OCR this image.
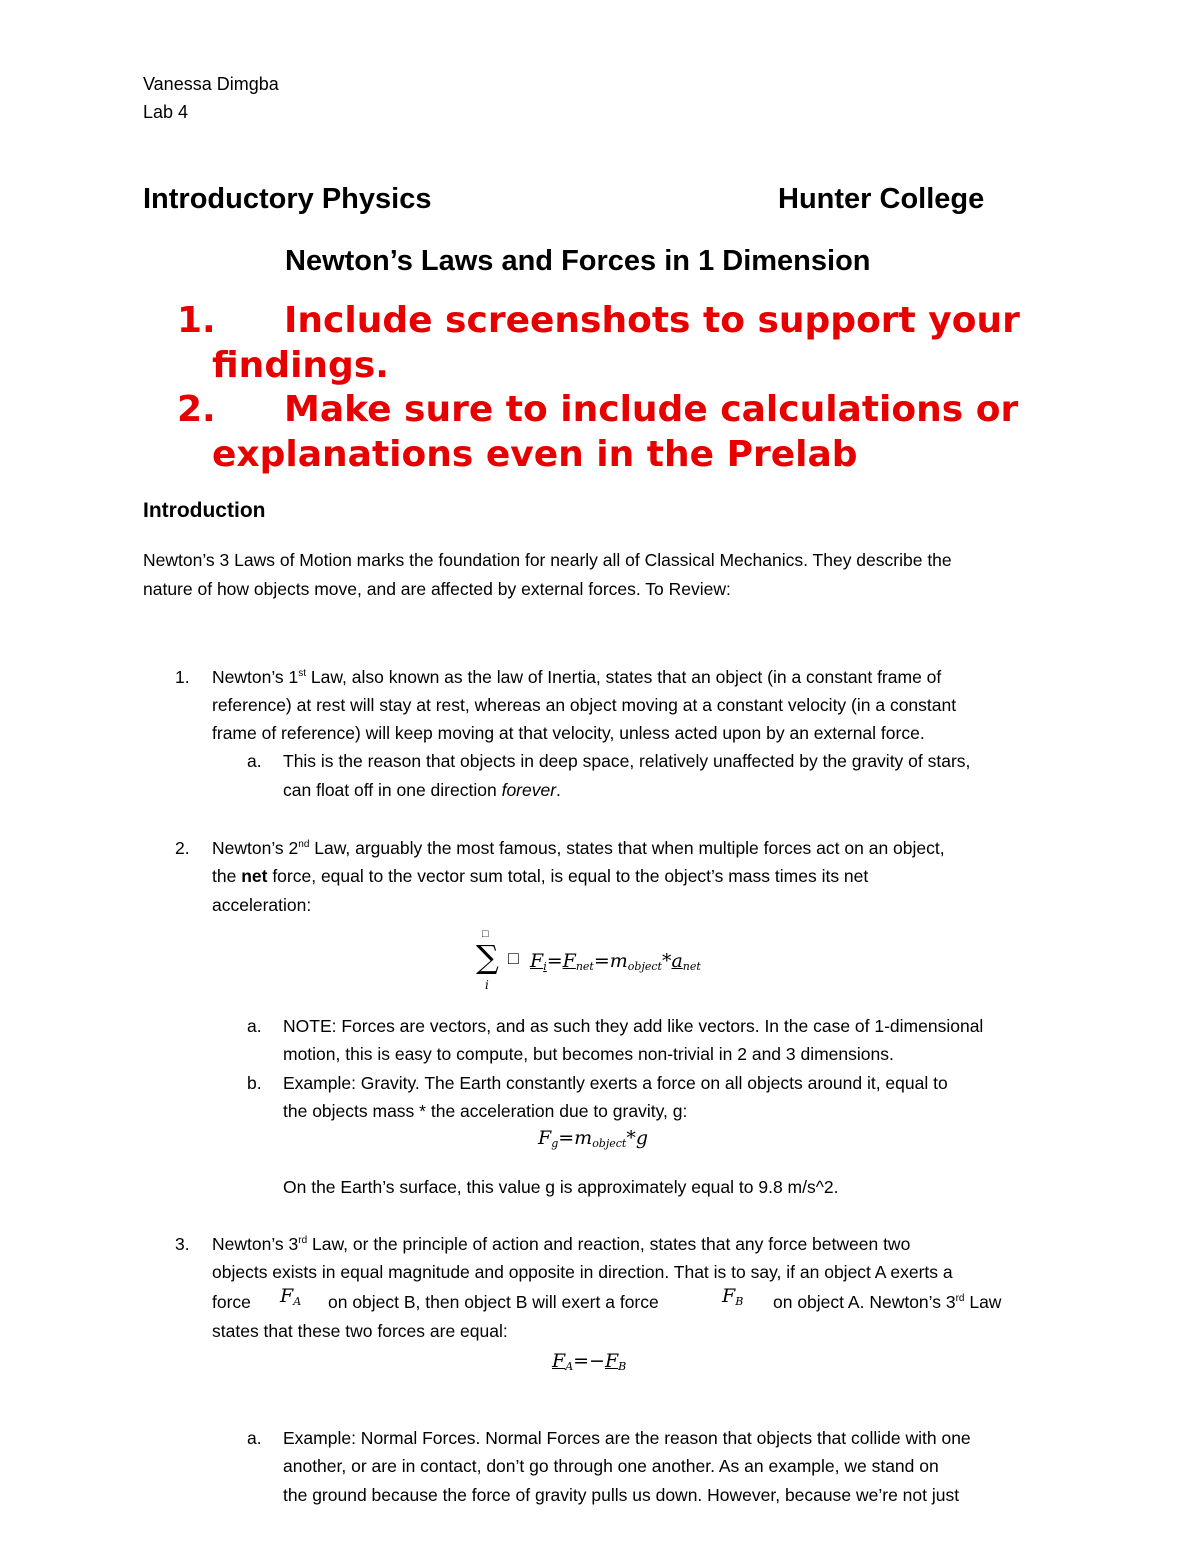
Vanessa Dimgba
Lab 4
Introductory Physics	Hunter College
Newton’s Laws and Forces in 1 Dimension
1. Include screenshots to support your
findings.
2. Make sure to include calculations or
explanations even in the Prelab
Introduction
Newton’s 3 Laws of Motion marks the foundation for nearly all of Classical Mechanics. They describe the
nature of how objects move, and are affected by external forces. To Review:
1. Newton’s 1st Law, also known as the law of Inertia, states that an object (in a constant frame of
reference) at rest will stay at rest, whereas an object moving at a constant velocity (in a constant
frame of reference) will keep moving at that velocity, unless acted upon by an external force.
a. This is the reason that objects in deep space, relatively unaffected by the gravity of stars,
can float off in one direction forever.
2. Newton’s 2nd Law, arguably the most famous, states that when multiple forces act on an object,
the net force, equal to the vector sum total, is equal to the object’s mass times its net
acceleration:
□
∑
i
□ $F_i=F_{net}=m_{object}*a_{net}$
a. NOTE: Forces are vectors, and as such they add like vectors. In the case of 1-dimensional
motion, this is easy to compute, but becomes non-trivial in 2 and 3 dimensions.
b. Example: Gravity. The Earth constantly exerts a force on all objects around it, equal to
the objects mass * the acceleration due to gravity, g:
$F_g=m_{object}*g$
On the Earth’s surface, this value g is approximately equal to 9.8 m/s^2.
3. Newton’s 3rd Law, or the principle of action and reaction, states that any force between two
objects exists in equal magnitude and opposite in direction. That is to say, if an object A exerts a
force $F_A$ on object B, then object B will exert a force	$F_B$ on object A. Newton’s 3rd Law
states that these two forces are equal:
$F_A=-F_B$
a. Example: Normal Forces. Normal Forces are the reason that objects that collide with one
another, or are in contact, don’t go through one another. As an example, we stand on
the ground because the force of gravity pulls us down. However, because we’re not just
